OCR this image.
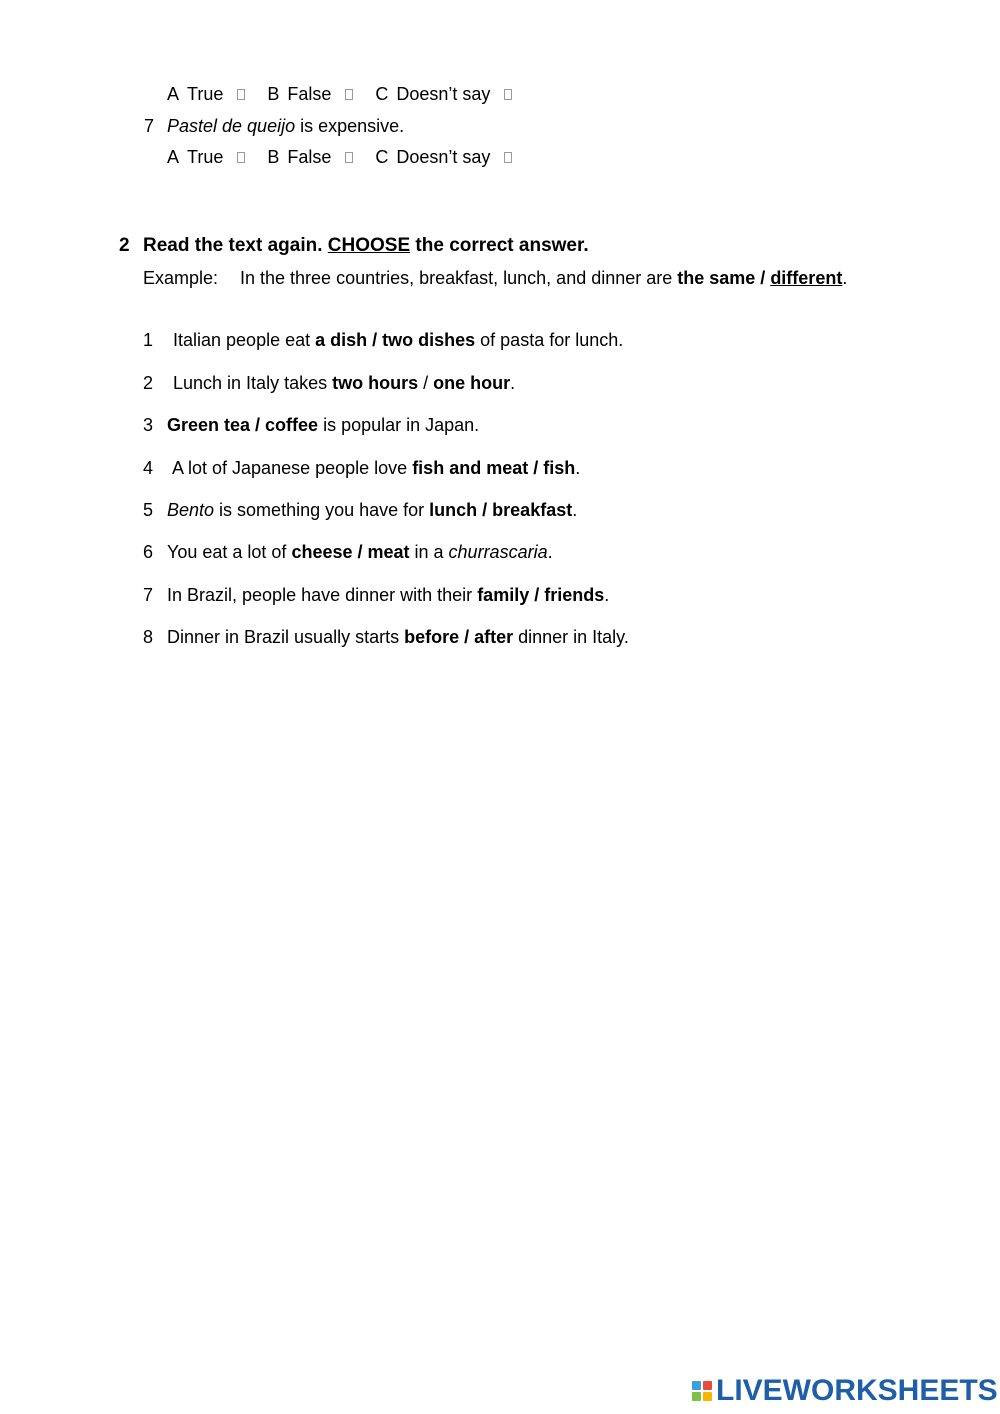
A True B False C Doesn’t say
7 Pastel de queijo is expensive.
A True B False C Doesn’t say
2 Read the text again. CHOOSE the correct answer.
Example: In the three countries, breakfast, lunch, and dinner are the same / different.
1 Italian people eat a dish / two dishes of pasta for lunch.
2 Lunch in Italy takes two hours / one hour.
3 Green tea / coffee is popular in Japan.
4 A lot of Japanese people love fish and meat / fish.
5 Bento is something you have for lunch / breakfast.
6 You eat a lot of cheese / meat in a churrascaria.
7 In Brazil, people have dinner with their family / friends.
8 Dinner in Brazil usually starts before / after dinner in Italy.
LIVEWORKSHEETS
